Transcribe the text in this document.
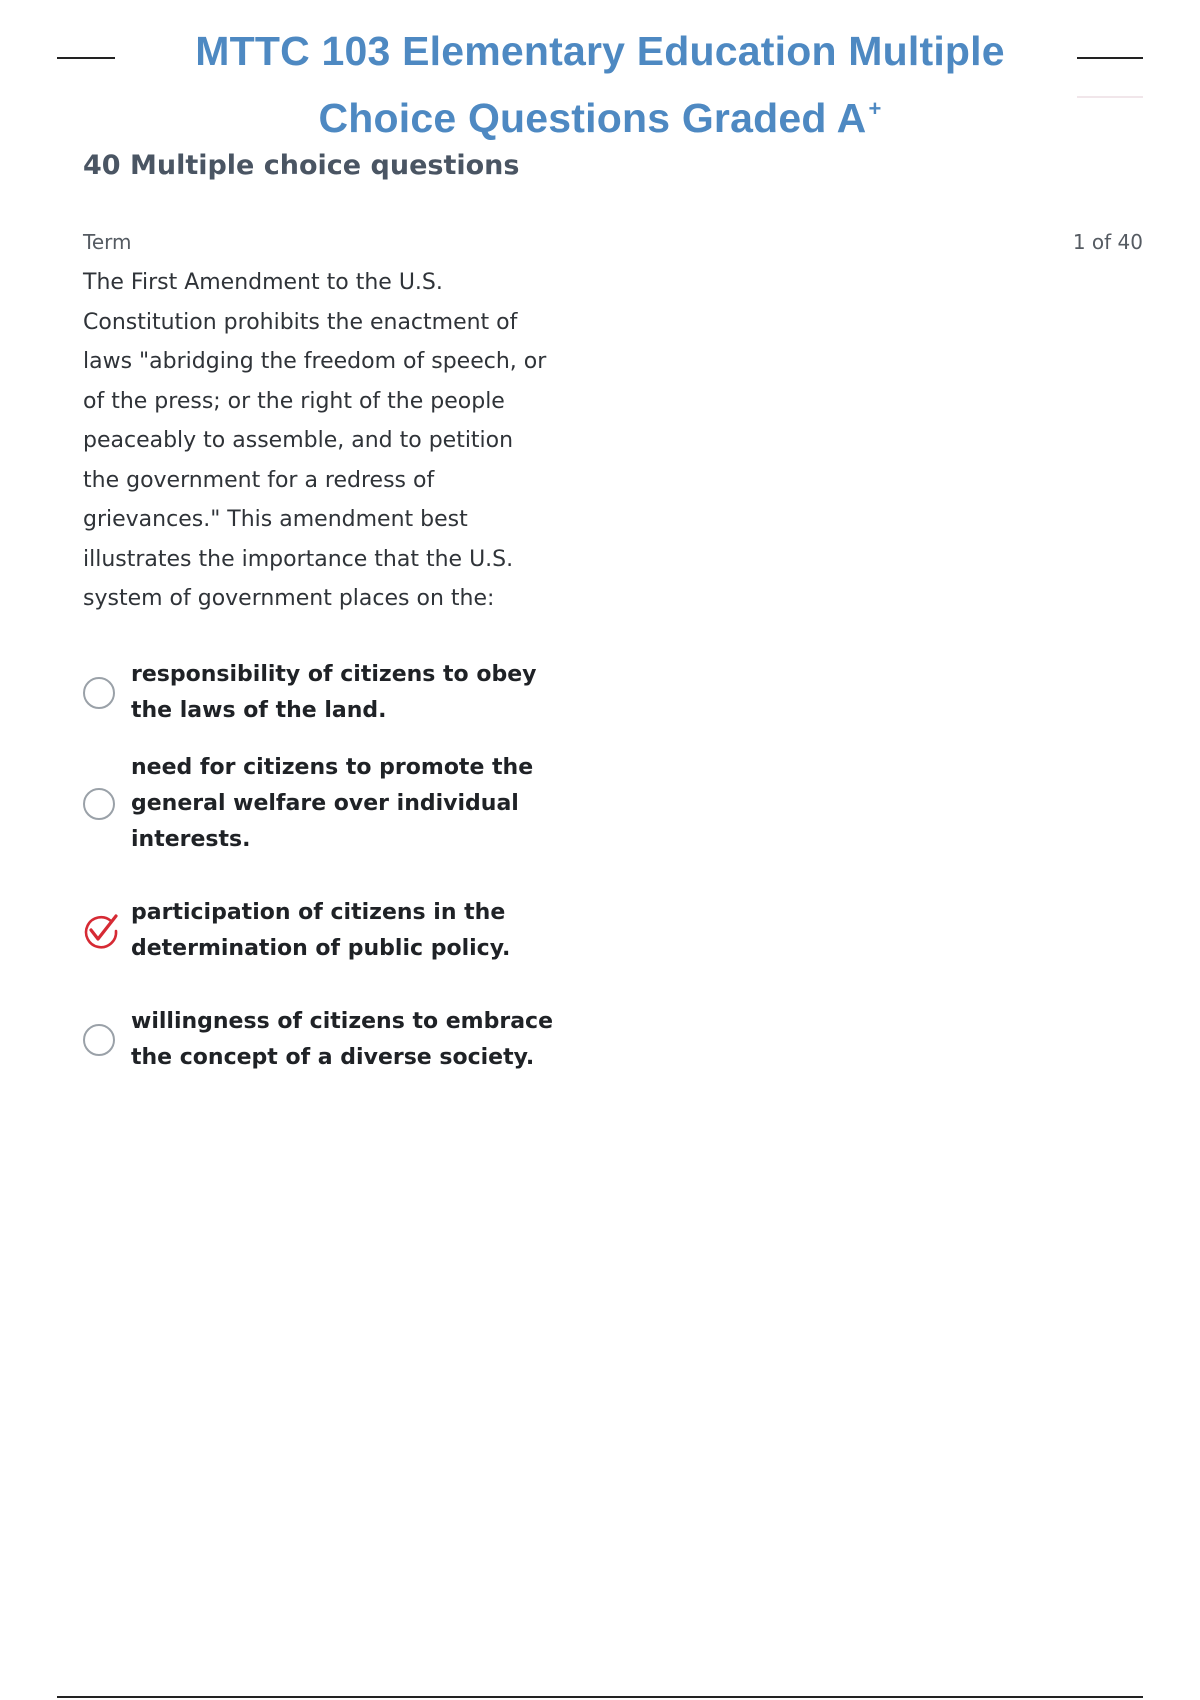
MTTC 103 Elementary Education Multiple Choice Questions Graded A+
40 Multiple choice questions
Term	1 of 40

The First Amendment to the U.S. Constitution prohibits the enactment of laws "abridging the freedom of speech, or of the press; or the right of the people peaceably to assemble, and to petition the government for a redress of grievances." This amendment best illustrates the importance that the U.S. system of government places on the:

responsibility of citizens to obey the laws of the land.
need for citizens to promote the general welfare over individual interests.
participation of citizens in the determination of public policy.
willingness of citizens to embrace the concept of a diverse society.
